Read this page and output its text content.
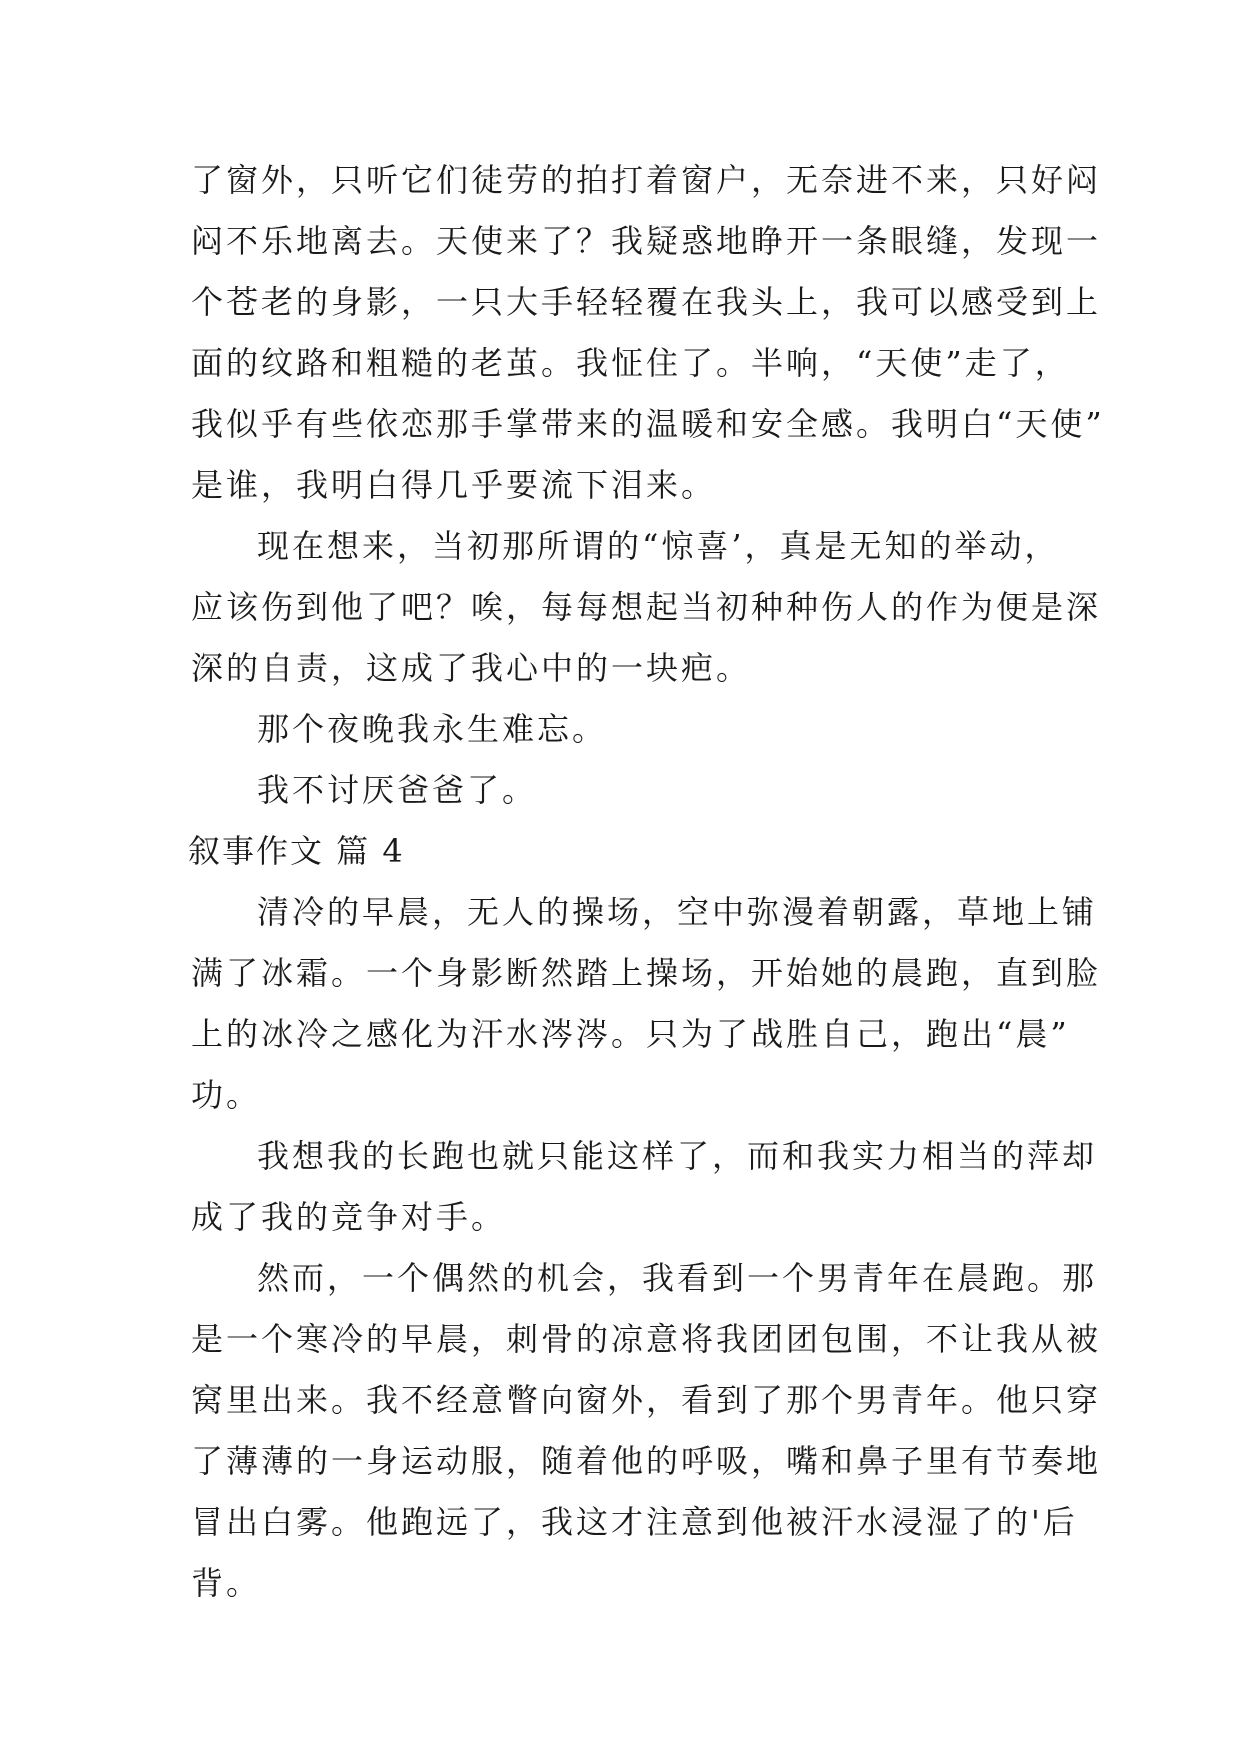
了窗外，只听它们徒劳的拍打着窗户，无奈进不来，只好闷
闷不乐地离去。天使来了？我疑惑地睁开一条眼缝，发现一
个苍老的身影，一只大手轻轻覆在我头上，我可以感受到上
面的纹路和粗糙的老茧。我怔住了。半响，“天使”走了，
我似乎有些依恋那手掌带来的温暖和安全感。我明白“天使”
是谁，我明白得几乎要流下泪来。
现在想来，当初那所谓的“惊喜’，真是无知的举动，
应该伤到他了吧？唉，每每想起当初种种伤人的作为便是深
深的自责，这成了我心中的一块疤。
那个夜晚我永生难忘。
我不讨厌爸爸了。
叙事作文 篇 4
清冷的早晨，无人的操场，空中弥漫着朝露，草地上铺
满了冰霜。一个身影断然踏上操场，开始她的晨跑，直到脸
上的冰冷之感化为汗水涔涔。只为了战胜自己，跑出“晨”
功。
我想我的长跑也就只能这样了，而和我实力相当的萍却
成了我的竞争对手。
然而，一个偶然的机会，我看到一个男青年在晨跑。那
是一个寒冷的早晨，刺骨的凉意将我团团包围，不让我从被
窝里出来。我不经意瞥向窗外，看到了那个男青年。他只穿
了薄薄的一身运动服，随着他的呼吸，嘴和鼻子里有节奏地
冒出白雾。他跑远了，我这才注意到他被汗水浸湿了的'后
背。
